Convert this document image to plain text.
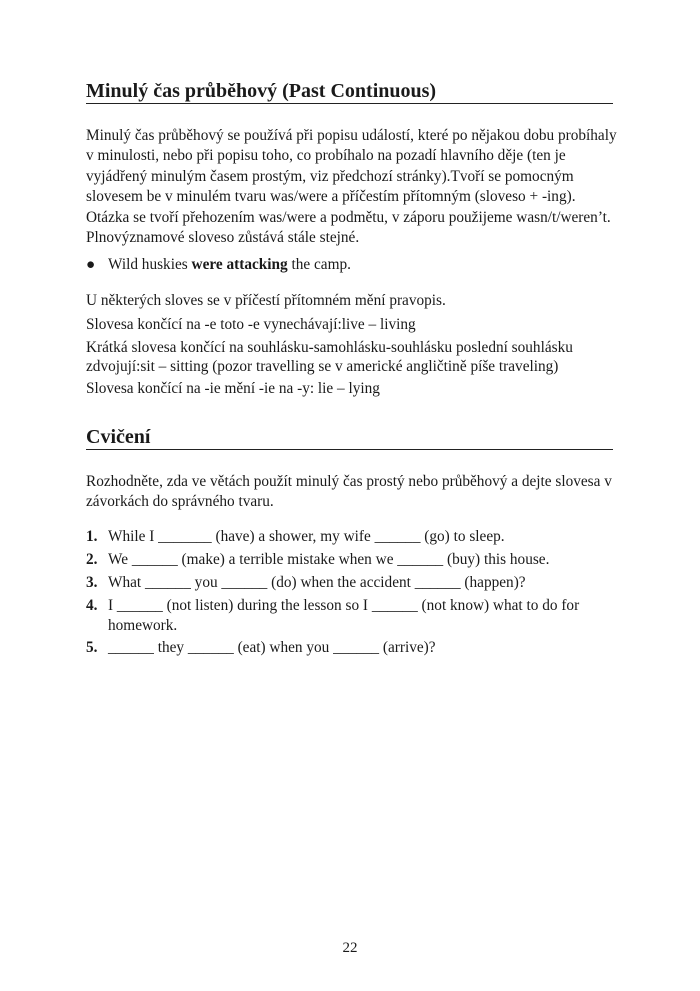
Minulý čas průběhový (Past Continuous)
Minulý čas průběhový se používá při popisu událostí, které po nějakou dobu probíhaly v minulosti, nebo při popisu toho, co probíhalo na pozadí hlavního děje (ten je vyjádřený minulým časem prostým, viz předchozí stránky).Tvoří se pomocným slovesem be v minulém tvaru was/were a příčestím přítomným (sloveso + -ing). Otázka se tvoří přehozením was/were a podmětu, v záporu použijeme wasn/t/weren’t. Plnovýznamové sloveso zůstává stále stejné.
● Wild huskies were attacking the camp.
U některých sloves se v příčestí přítomném mění pravopis.
Slovesa končící na -e toto -e vynechávají:live – living
Krátká slovesa končící na souhlásku-samohlásku-souhlásku poslední souhlásku
zdvojují:sit – sitting (pozor travelling se v americké angličtině píše traveling)
Slovesa končící na -ie mění -ie na -y: lie – lying
Cvičení
Rozhodněte, zda ve větách použít minulý čas prostý nebo průběhový a dejte slovesa v závorkách do správného tvaru.
1. While I _______ (have) a shower, my wife ______ (go) to sleep.
2. We ______ (make) a terrible mistake when we ______ (buy) this house.
3. What ______ you ______ (do) when the accident ______ (happen)?
4. I ______ (not listen) during the lesson so I ______ (not know) what to do for homework.
5. ______ they ______ (eat) when you ______ (arrive)?
22
